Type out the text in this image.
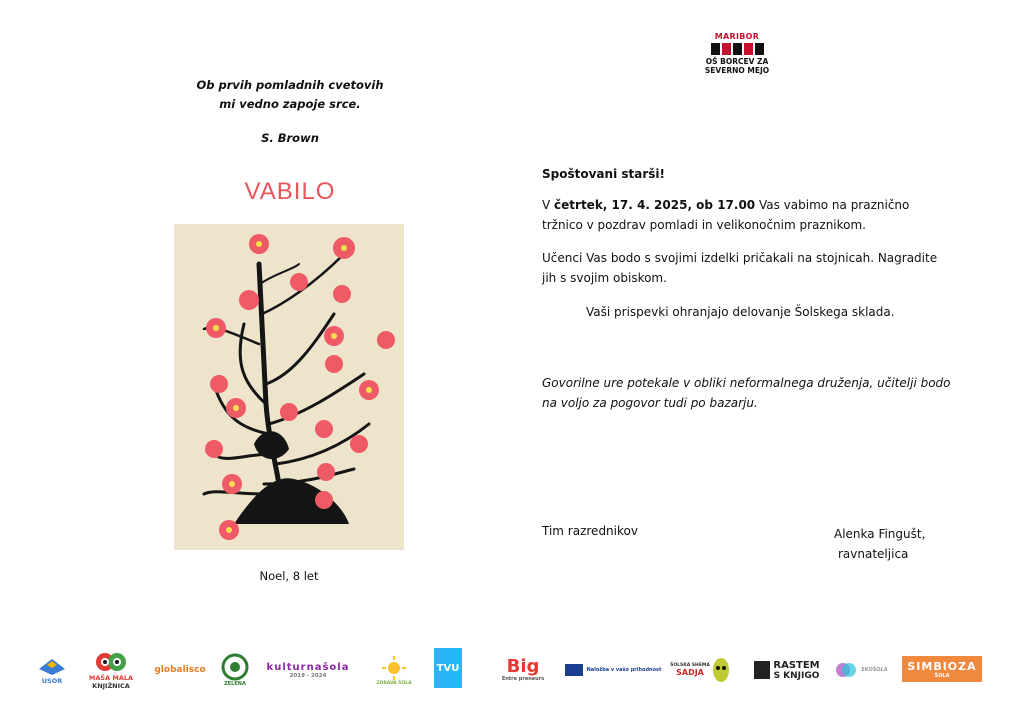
Ob prvih pomladnih cvetovih
mi vedno zapoje srce.
S. Brown
VABILO
Noel, 8 let
MARIBOR
OŠ BORCEV ZA
SEVERNO MEJO
Spoštovani starši!
V četrtek, 17. 4. 2025, ob 17.00 Vas vabimo na praznično tržnico v pozdrav pomladi in velikonočnim praznikom.
Učenci Vas bodo s svojimi izdelki pričakali na stojnicah. Nagradite jih s svojim obiskom.
Vaši prispevki ohranjajo delovanje Šolskega sklada.
Govorilne ure potekale v obliki neformalnega druženja, učitelji bodo na voljo za pogovor tudi po bazarju.
Tim razrednikov	Alenka Fingušt,
ravnateljica
USOR	MAŠA MALA
KNJIŽNICA
globalisco
ZELENA
kulturnašola
2019 - 2024
ZDRAVA ŠOLA
TVU	Big
Entre preneurs
Naložba v vašo prihodnost
ŠOLSKA SHEMA
SADJA
RASTEM
S KNJIGO
EKOŠOLA SIMBIOZA
ŠOLA
